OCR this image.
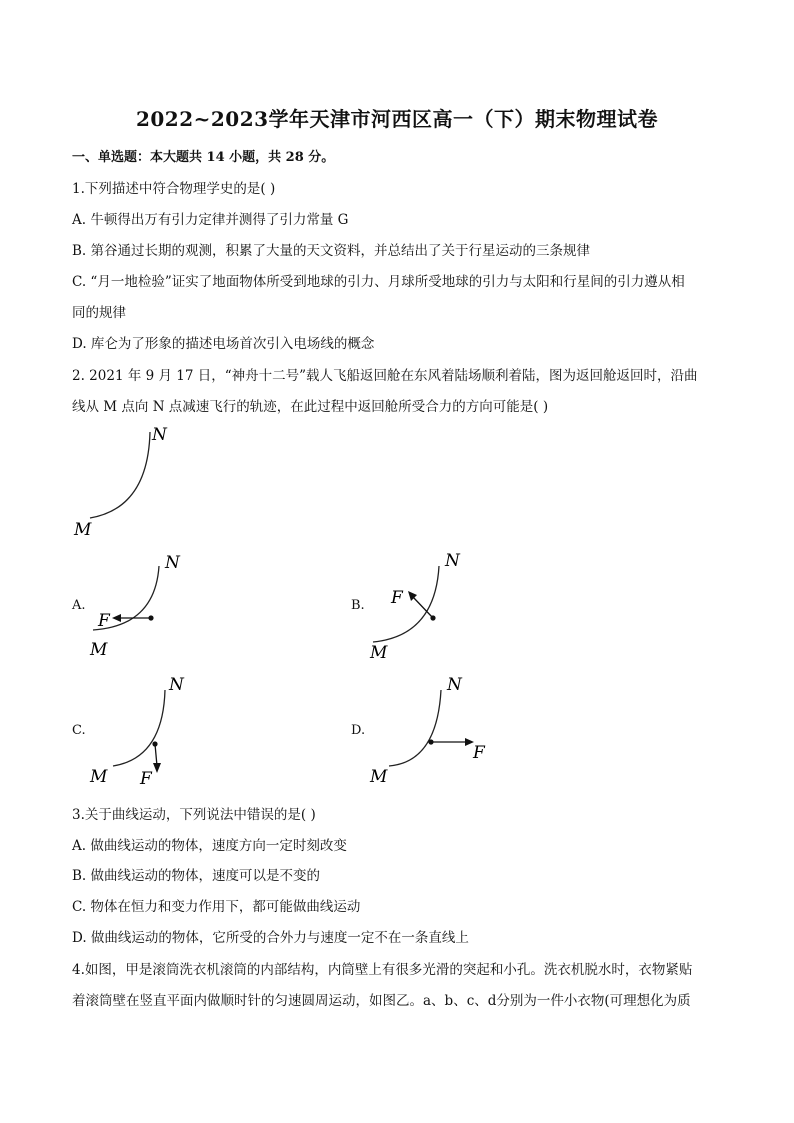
2022~2023学年天津市河西区高一（下）期末物理试卷
一、单选题：本大题共 14 小题，共 28 分。
1.下列描述中符合物理学史的是( )
A. 牛顿得出万有引力定律并测得了引力常量 G
B. 第谷通过长期的观测，积累了大量的天文资料，并总结出了关于行星运动的三条规律
C. “月一地检验”证实了地面物体所受到地球的引力、月球所受地球的引力与太阳和行星间的引力遵从相
同的规律
D. 库仑为了形象的描述电场首次引入电场线的概念
2. 2021 年 9 月 17 日，“神舟十二号”载人飞船返回舱在东风着陆场顺利着陆，图为返回舱返回时，沿曲
线从 M 点向 N 点减速飞行的轨迹，在此过程中返回舱所受合力的方向可能是( )
N
M
A.
N
M
F
B.
N
M
F
C.
N
M F
D.
N
M
F
3.关于曲线运动，下列说法中错误的是( )
A. 做曲线运动的物体，速度方向一定时刻改变
B. 做曲线运动的物体，速度可以是不变的
C. 物体在恒力和变力作用下，都可能做曲线运动
D. 做曲线运动的物体，它所受的合外力与速度一定不在一条直线上
4.如图，甲是滚筒洗衣机滚筒的内部结构，内筒壁上有很多光滑的突起和小孔。洗衣机脱水时，衣物紧贴
着滚筒壁在竖直平面内做顺时针的匀速圆周运动，如图乙。a、b、c、d分别为一件小衣物(可理想化为质
